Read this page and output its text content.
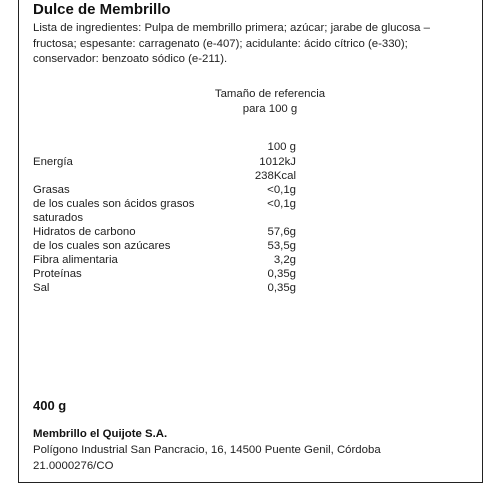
Dulce de Membrillo
Lista de ingredientes: Pulpa de membrillo primera; azúcar; jarabe de glucosa – fructosa; espesante: carragenato (e-407); acidulante: ácido cítrico (e-330); conservador: benzoato sódico (e-211).
Tamaño de referencia
para 100 g
100 g
Energía	1012kJ
238Kcal
Grasas	<0,1g
de los cuales son ácidos grasos	<0,1g
saturados
Hidratos de carbono	57,6g
de los cuales son azúcares	53,5g
Fibra alimentaria	3,2g
Proteínas	0,35g
Sal	0,35g
400 g
Membrillo el Quijote S.A.
Polígono Industrial San Pancracio, 16, 14500 Puente Genil, Córdoba
21.0000276/CO
